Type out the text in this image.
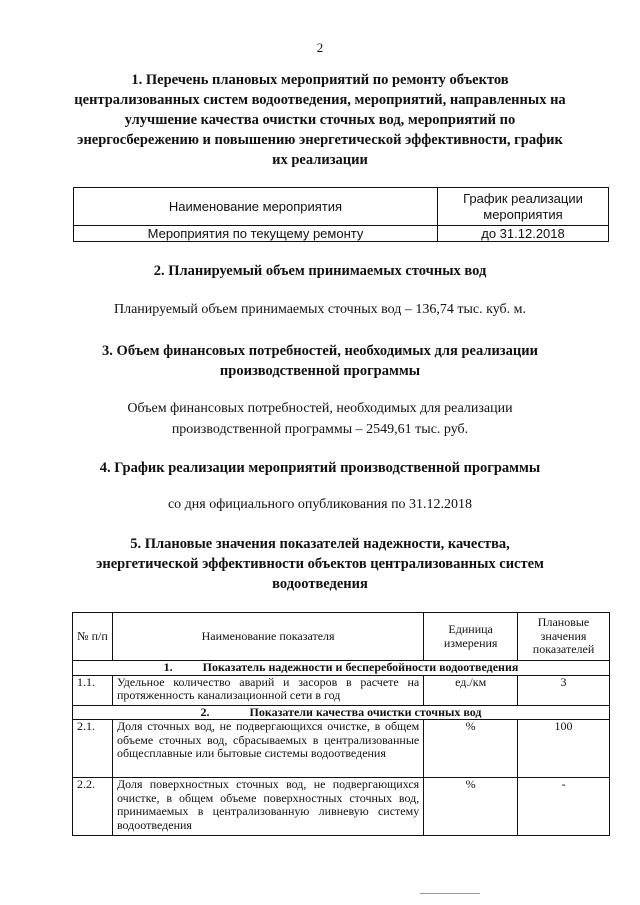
2
1. Перечень плановых мероприятий по ремонту объектов
централизованных систем водоотведения, мероприятий, направленных на
улучшение качества очистки сточных вод, мероприятий по
энергосбережению и повышению энергетической эффективности, график
их реализации
Наименование мероприятия	График реализации мероприятия
Мероприятия по текущему ремонту	до 31.12.2018
2. Планируемый объем принимаемых сточных вод
Планируемый объем принимаемых сточных вод – 136,74 тыс. куб. м.
3. Объем финансовых потребностей, необходимых для реализации
производственной программы
Объем финансовых потребностей, необходимых для реализации
производственной программы – 2549,61 тыс. руб.
4. График реализации мероприятий производственной программы
со дня официального опубликования по 31.12.2018
5. Плановые значения показателей надежности, качества,
энергетической эффективности объектов централизованных систем
водоотведения
№ п/п	Наименование показателя	Единица измерения	Плановые значения показателей
1. Показатель надежности и бесперебойности водоотведения			
1.1.	Удельное количество аварий и засоров в расчете на протяженность канализационной сети в год	ед./км	3
2. Показатели качества очистки сточных вод			
2.1.	Доля сточных вод, не подвергающихся очистке, в общем объеме сточных вод, сбрасываемых в централизованные общесплавные или бытовые системы водоотведения	%	100
2.2.	Доля поверхностных сточных вод, не подвергающихся очистке, в общем объеме поверхностных сточных вод, принимаемых в централизованную ливневую систему водоотведения	%	-
